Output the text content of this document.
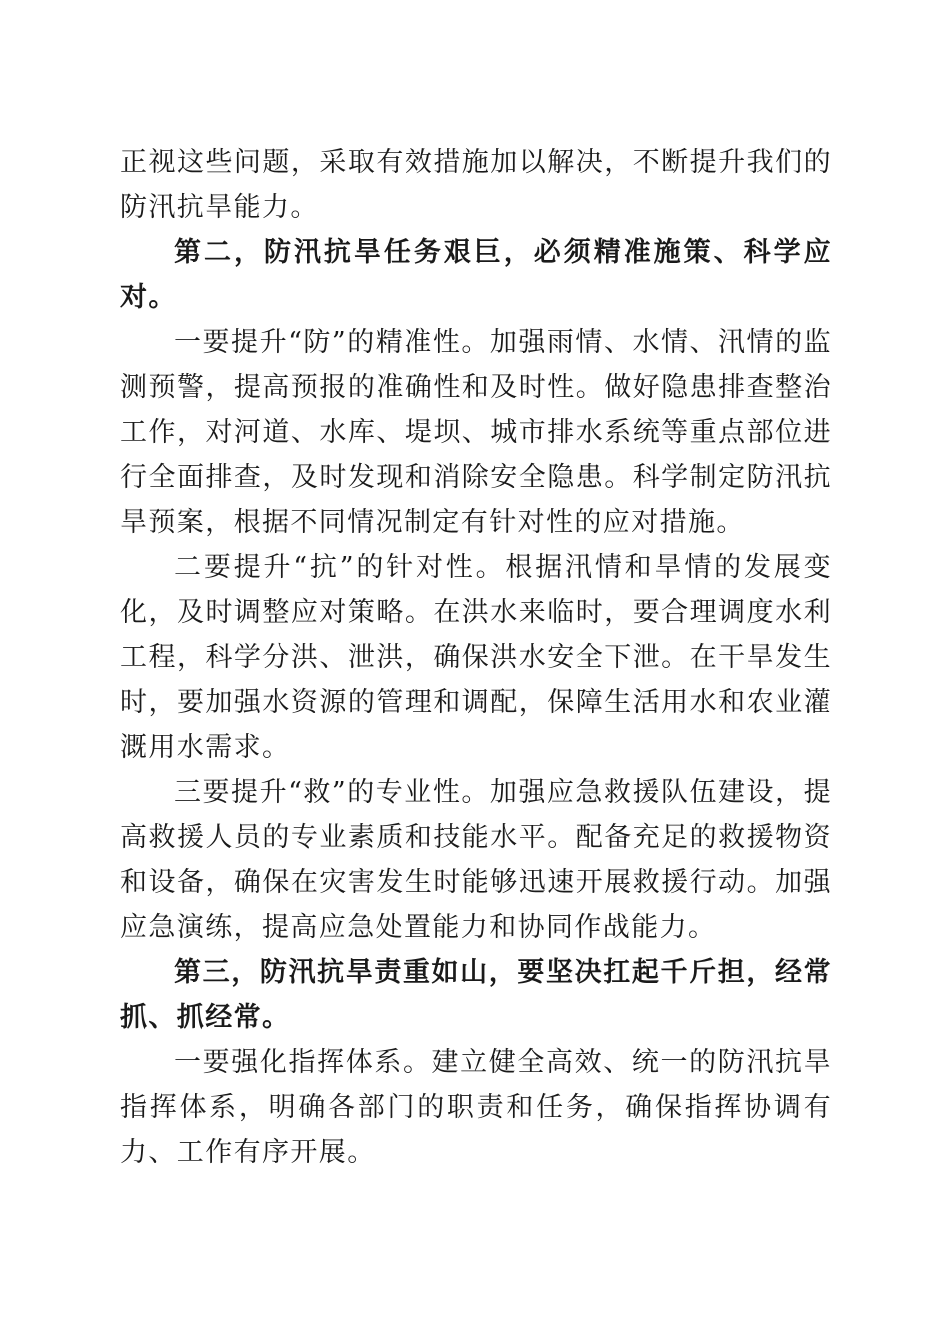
正视这些问题，采取有效措施加以解决，不断提升我们的防汛抗旱能力。

第二，防汛抗旱任务艰巨，必须精准施策、科学应对。

一要提升“防”的精准性。加强雨情、水情、汛情的监测预警，提高预报的准确性和及时性。做好隐患排查整治工作，对河道、水库、堤坝、城市排水系统等重点部位进行全面排查，及时发现和消除安全隐患。科学制定防汛抗旱预案，根据不同情况制定有针对性的应对措施。

二要提升“抗”的针对性。根据汛情和旱情的发展变化，及时调整应对策略。在洪水来临时，要合理调度水利工程，科学分洪、泄洪，确保洪水安全下泄。在干旱发生时，要加强水资源的管理和调配，保障生活用水和农业灌溉用水需求。

三要提升“救”的专业性。加强应急救援队伍建设，提高救援人员的专业素质和技能水平。配备充足的救援物资和设备，确保在灾害发生时能够迅速开展救援行动。加强应急演练，提高应急处置能力和协同作战能力。

第三，防汛抗旱责重如山，要坚决扛起千斤担，经常抓、抓经常。

一要强化指挥体系。建立健全高效、统一的防汛抗旱指挥体系，明确各部门的职责和任务，确保指挥协调有力、工作有序开展。
